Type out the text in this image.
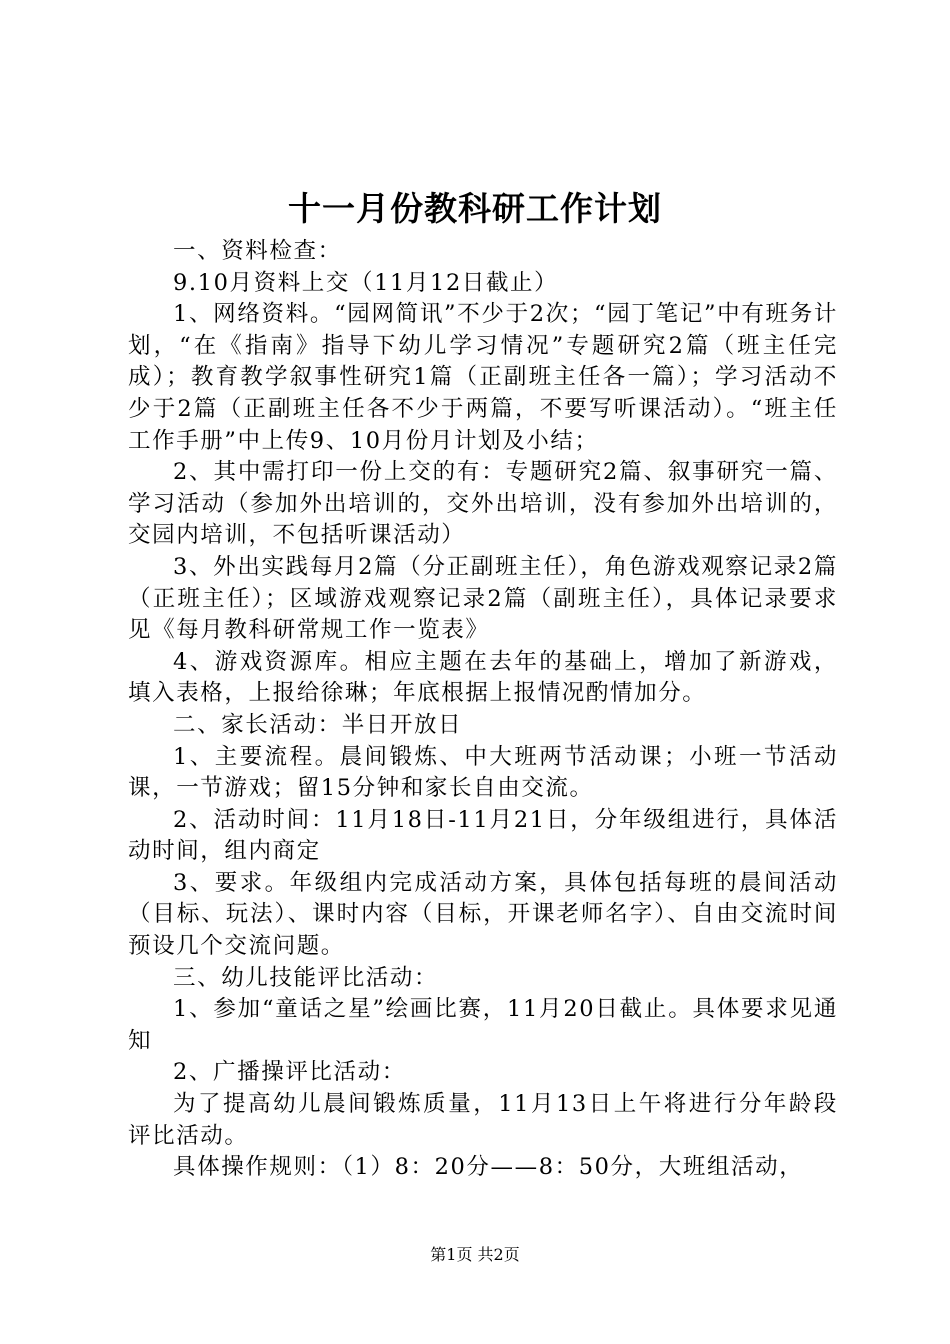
十一月份教科研工作计划

一、资料检查：

9.10月资料上交（11月12日截止）

1、网络资料。“园网简讯”不少于2次；“园丁笔记”中有班务计划，“在《指南》指导下幼儿学习情况”专题研究2篇（班主任完成）；教育教学叙事性研究1篇（正副班主任各一篇）；学习活动不少于2篇（正副班主任各不少于两篇，不要写听课活动）。“班主任工作手册”中上传9、10月份月计划及小结；

2、其中需打印一份上交的有：专题研究2篇、叙事研究一篇、学习活动（参加外出培训的，交外出培训，没有参加外出培训的，交园内培训，不包括听课活动）

3、外出实践每月2篇（分正副班主任），角色游戏观察记录2篇（正班主任）；区域游戏观察记录2篇（副班主任），具体记录要求见《每月教科研常规工作一览表》

4、游戏资源库。相应主题在去年的基础上，增加了新游戏，填入表格，上报给徐琳；年底根据上报情况酌情加分。

二、家长活动：半日开放日

1、主要流程。晨间锻炼、中大班两节活动课；小班一节活动课，一节游戏；留15分钟和家长自由交流。

2、活动时间：11月18日-11月21日，分年级组进行，具体活动时间，组内商定

3、要求。年级组内完成活动方案，具体包括每班的晨间活动（目标、玩法）、课时内容（目标，开课老师名字）、自由交流时间预设几个交流问题。

三、幼儿技能评比活动：

1、参加“童话之星”绘画比赛，11月20日截止。具体要求见通知

2、广播操评比活动：

为了提高幼儿晨间锻炼质量，11月13日上午将进行分年龄段评比活动。

具体操作规则：（1）8：20分——8：50分，大班组活动，

第1页 共2页
